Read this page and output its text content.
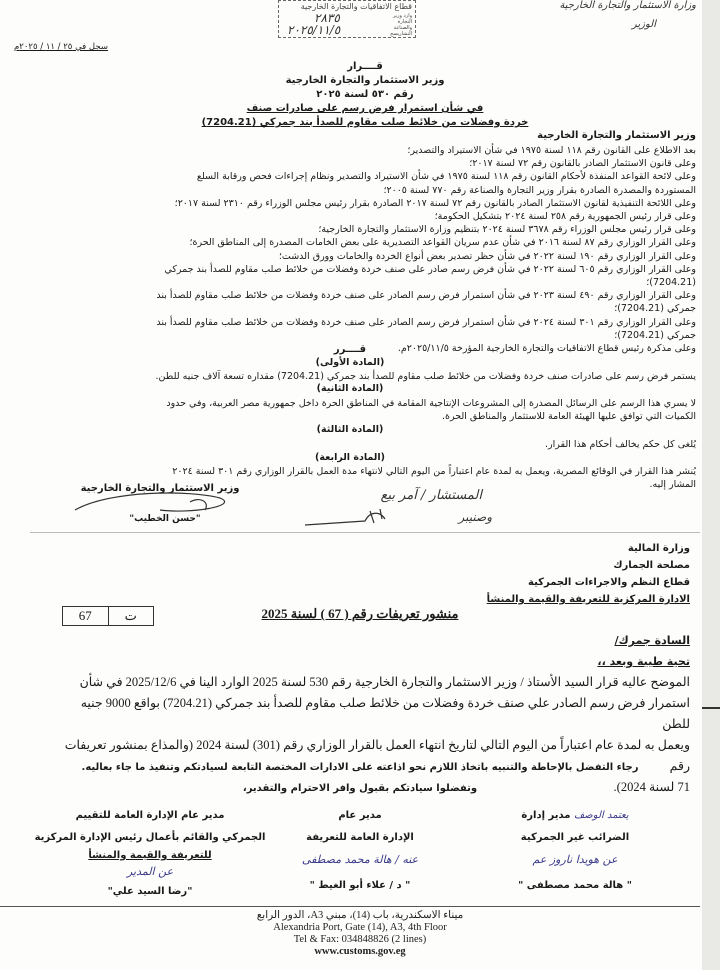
وزارة الاستثمار والتجارة الخارجية
الوزير
قطاع الاتفاقيات والتجارة الخارجية
وارد وزير التجارة والصناعة التشاريسج
٢٨٣٥
٢٠٢٥/١١/٥
سجل في ٢٥ / ١١ / ٢٠٢٥م
قــــرار
وزير الاستثمار والتجارة الخارجية
رقم ٥٣٠ لسنة ٢٠٢٥
في شأن استمرار فرض رسم على صادرات صنف
خردة وفضلات من خلائط صلب مقاوم للصدأ بند جمركي (7204.21)
وزير الاستثمار والتجارة الخارجية

بعد الاطلاع على القانون رقم ١١٨ لسنة ١٩٧٥ في شأن الاستيراد والتصدير؛

وعلى قانون الاستثمار الصادر بالقانون رقم ٧٢ لسنة ٢٠١٧؛

وعلى لائحة القواعد المنفذة لأحكام القانون رقم ١١٨ لسنة ١٩٧٥ في شأن الاستيراد والتصدير ونظام إجراءات فحص ورقابة السلع

المستوردة والمصدرة الصادرة بقرار وزير التجارة والصناعة رقم ٧٧٠ لسنة ٢٠٠٥؛

وعلى اللائحة التنفيذية لقانون الاستثمار الصادر بالقانون رقم ٧٢ لسنة ٢٠١٧ الصادرة بقرار رئيس مجلس الوزراء رقم ٢٣١٠ لسنة ٢٠١٧؛

وعلى قرار رئيس الجمهورية رقم ٢٥٨ لسنة ٢٠٢٤ بتشكيل الحكومة؛

وعلى قرار رئيس مجلس الوزراء رقم ٣٦٧٨ لسنة ٢٠٢٤ بتنظيم وزارة الاستثمار والتجارة الخارجية؛

وعلى القرار الوزاري رقم ٨٧ لسنة ٢٠١٦ في شأن عدم سريان القواعد التصديرية على بعض الخامات المصدرة إلى المناطق الحرة؛

وعلى القرار الوزاري رقم ١٩٠ لسنة ٢٠٢٢ في شأن حظر تصدير بعض أنواع الخردة والخامات وورق الدشت؛

وعلى القرار الوزاري رقم ٦٠٥ لسنة ٢٠٢٢ في شأن فرض رسم صادر على صنف خردة وفضلات من خلائط صلب مقاوم للصدأ بند جمركي

(7204.21)؛

وعلى القرار الوزاري رقم ٤٩٠ لسنة ٢٠٢٣ في شأن استمرار فرض رسم الصادر على صنف خردة وفضلات من خلائط صلب مقاوم للصدأ بند

جمركي (7204.21)؛

وعلى القرار الوزاري رقم ٣٠١ لسنة ٢٠٢٤ في شأن استمرار فرض رسم الصادر على صنف خردة وفضلات من خلائط صلب مقاوم للصدأ بند

جمركي (7204.21)؛

وعلى مذكرة رئيس قطاع الاتفاقيات والتجارة الخارجية المؤرخة ٢٠٢٥/١١/٥م.

قــــرر
(المادة الأولى)

يستمر فرض رسم على صادرات صنف خردة وفضلات من خلائط صلب مقاوم للصدأ بند جمركي (7204.21) مقداره تسعة آلاف جنيه للطن.

(المادة الثانية)

لا يسري هذا الرسم على الرسائل المصدرة إلى المشروعات الإنتاجية المقامة في المناطق الحرة داخل جمهورية مصر العربية، وفي حدود

الكميات التي توافق عليها الهيئة العامة للاستثمار والمناطق الحرة.

(المادة الثالثة)

يُلغى كل حكم يخالف أحكام هذا القرار.

(المادة الرابعة)

يُنشر هذا القرار في الوقائع المصرية، ويعمل به لمدة عام اعتباراً من اليوم التالي لانتهاء مدة العمل بالقرار الوزاري رقم ٣٠١ لسنة ٢٠٢٤

المشار إليه.

وزير الاستثمار والتجارة الخارجية
"حسن الخطيب"
المستشار / آمر بيع
وصنيبر
وزارة المالية
مصلحة الجمارك
قطاع النظم والاجراءات الجمركية
الادارة المركزية للتعريفة والقيمة والمنشأ
67	ت	منشور تعريفات رقم ( 67 ) لسنة 2025
السادة جمرك/
تحية طيبة وبعد ،،
الموضح عاليه قرار السيد الأستاذ / وزير الاستثمار والتجارة الخارجية رقم 530 لسنة 2025 الوارد الينا في 2025/12/6 في شأن
استمرار فرض رسم الصادر علي صنف خردة وفضلات من خلائط صلب مقاوم للصدأ بند جمركي (7204.21) بواقع 9000 جنيه للطن
ويعمل به لمدة عام اعتباراً من اليوم التالي لتاريخ انتهاء العمل بالقرار الوزاري رقم (301) لسنة 2024 (والمذاع بمنشور تعريفات رقم
71 لسنة 2024).
رجاء التفضل بالإحاطة والتنبيه باتخاذ اللازم نحو اذاعته على الادارات المختصة التابعة لسيادتكم وتنفيذ ما جاء بعاليه.
وتفضلوا سيادتكم بقبول وافر الاحترام والتقدير،
يعتمد الوصف مدير إدارة
الضرائب غير الجمركية
عن هويدا ناروز عم
" هالة محمد مصطفى "
مدير عام
الإدارة العامة للتعريفة
عنه / هالة محمد مصطفى
" د / علاء أبو الغيط "
مدير عام الإدارة العامة للتقييم
الجمركي والقائم بأعمال رئيس الإدارة المركزية
للتعريفة والقيمة والمنشأ
عن المدير
"رضا السيد علي"
ميناء الاسكندرية، باب (14)، مبني A3، الدور الرابع
Alexandria Port, Gate (14), A3, 4th Floor
Tel & Fax: 034848826 (2 lines)
www.customs.gov.eg
